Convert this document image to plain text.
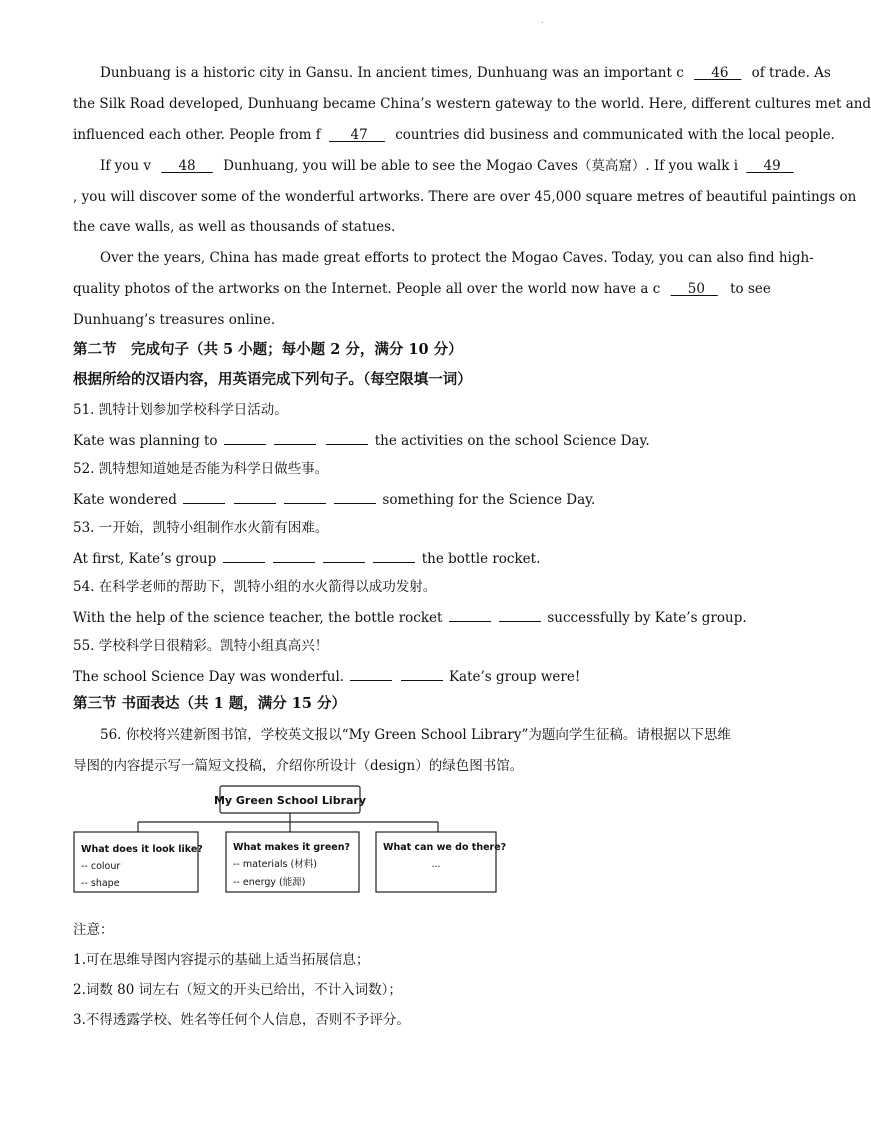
.
Dunbuang is a historic city in Gansu. In ancient times, Dunhuang was an important c 46 of trade. As
the Silk Road developed, Dunhuang became China’s western gateway to the world. Here, different cultures met and
influenced each other. People from f 47 countries did business and communicated with the local people.
If you v 48 Dunhuang, you will be able to see the Mogao Caves（莫高窟）. If you walk i 49
, you will discover some of the wonderful artworks. There are over 45,000 square metres of beautiful paintings on
the cave walls, as well as thousands of statues.
Over the years, China has made great efforts to protect the Mogao Caves. Today, you can also find high-
quality photos of the artworks on the Internet. People all over the world now have a c 50 to see
Dunhuang’s treasures online.
第二节　完成句子（共 5 小题；每小题 2 分，满分 10 分）
根据所给的汉语内容，用英语完成下列句子。（每空限填一词）
51. 凯特计划参加学校科学日活动。
Kate was planning to	the activities on the school Science Day.
52. 凯特想知道她是否能为科学日做些事。
Kate wondered	something for the Science Day.
53. 一开始，凯特小组制作水火箭有困难。
At first, Kate’s group	the bottle rocket.
54. 在科学老师的帮助下，凯特小组的水火箭得以成功发射。
With the help of the science teacher, the bottle rocket	successfully by Kate’s group.
55. 学校科学日很精彩。凯特小组真高兴！
The school Science Day was wonderful.	Kate’s group were!
第三节 书面表达（共 1 题，满分 15 分）
56. 你校将兴建新图书馆，学校英文报以“My Green School Library”为题向学生征稿。请根据以下思维
导图的内容提示写一篇短文投稿，介绍你所设计（design）的绿色图书馆。
My Green School Library
What does it look like?
-- colour
-- shape
What makes it green?
-- materials (材料)
-- energy (能源)
What can we do there?
...
注意：
1.可在思维导图内容提示的基础上适当拓展信息；
2.词数 80 词左右（短文的开头已给出，不计入词数）；
3.不得透露学校、姓名等任何个人信息，否则不予评分。
